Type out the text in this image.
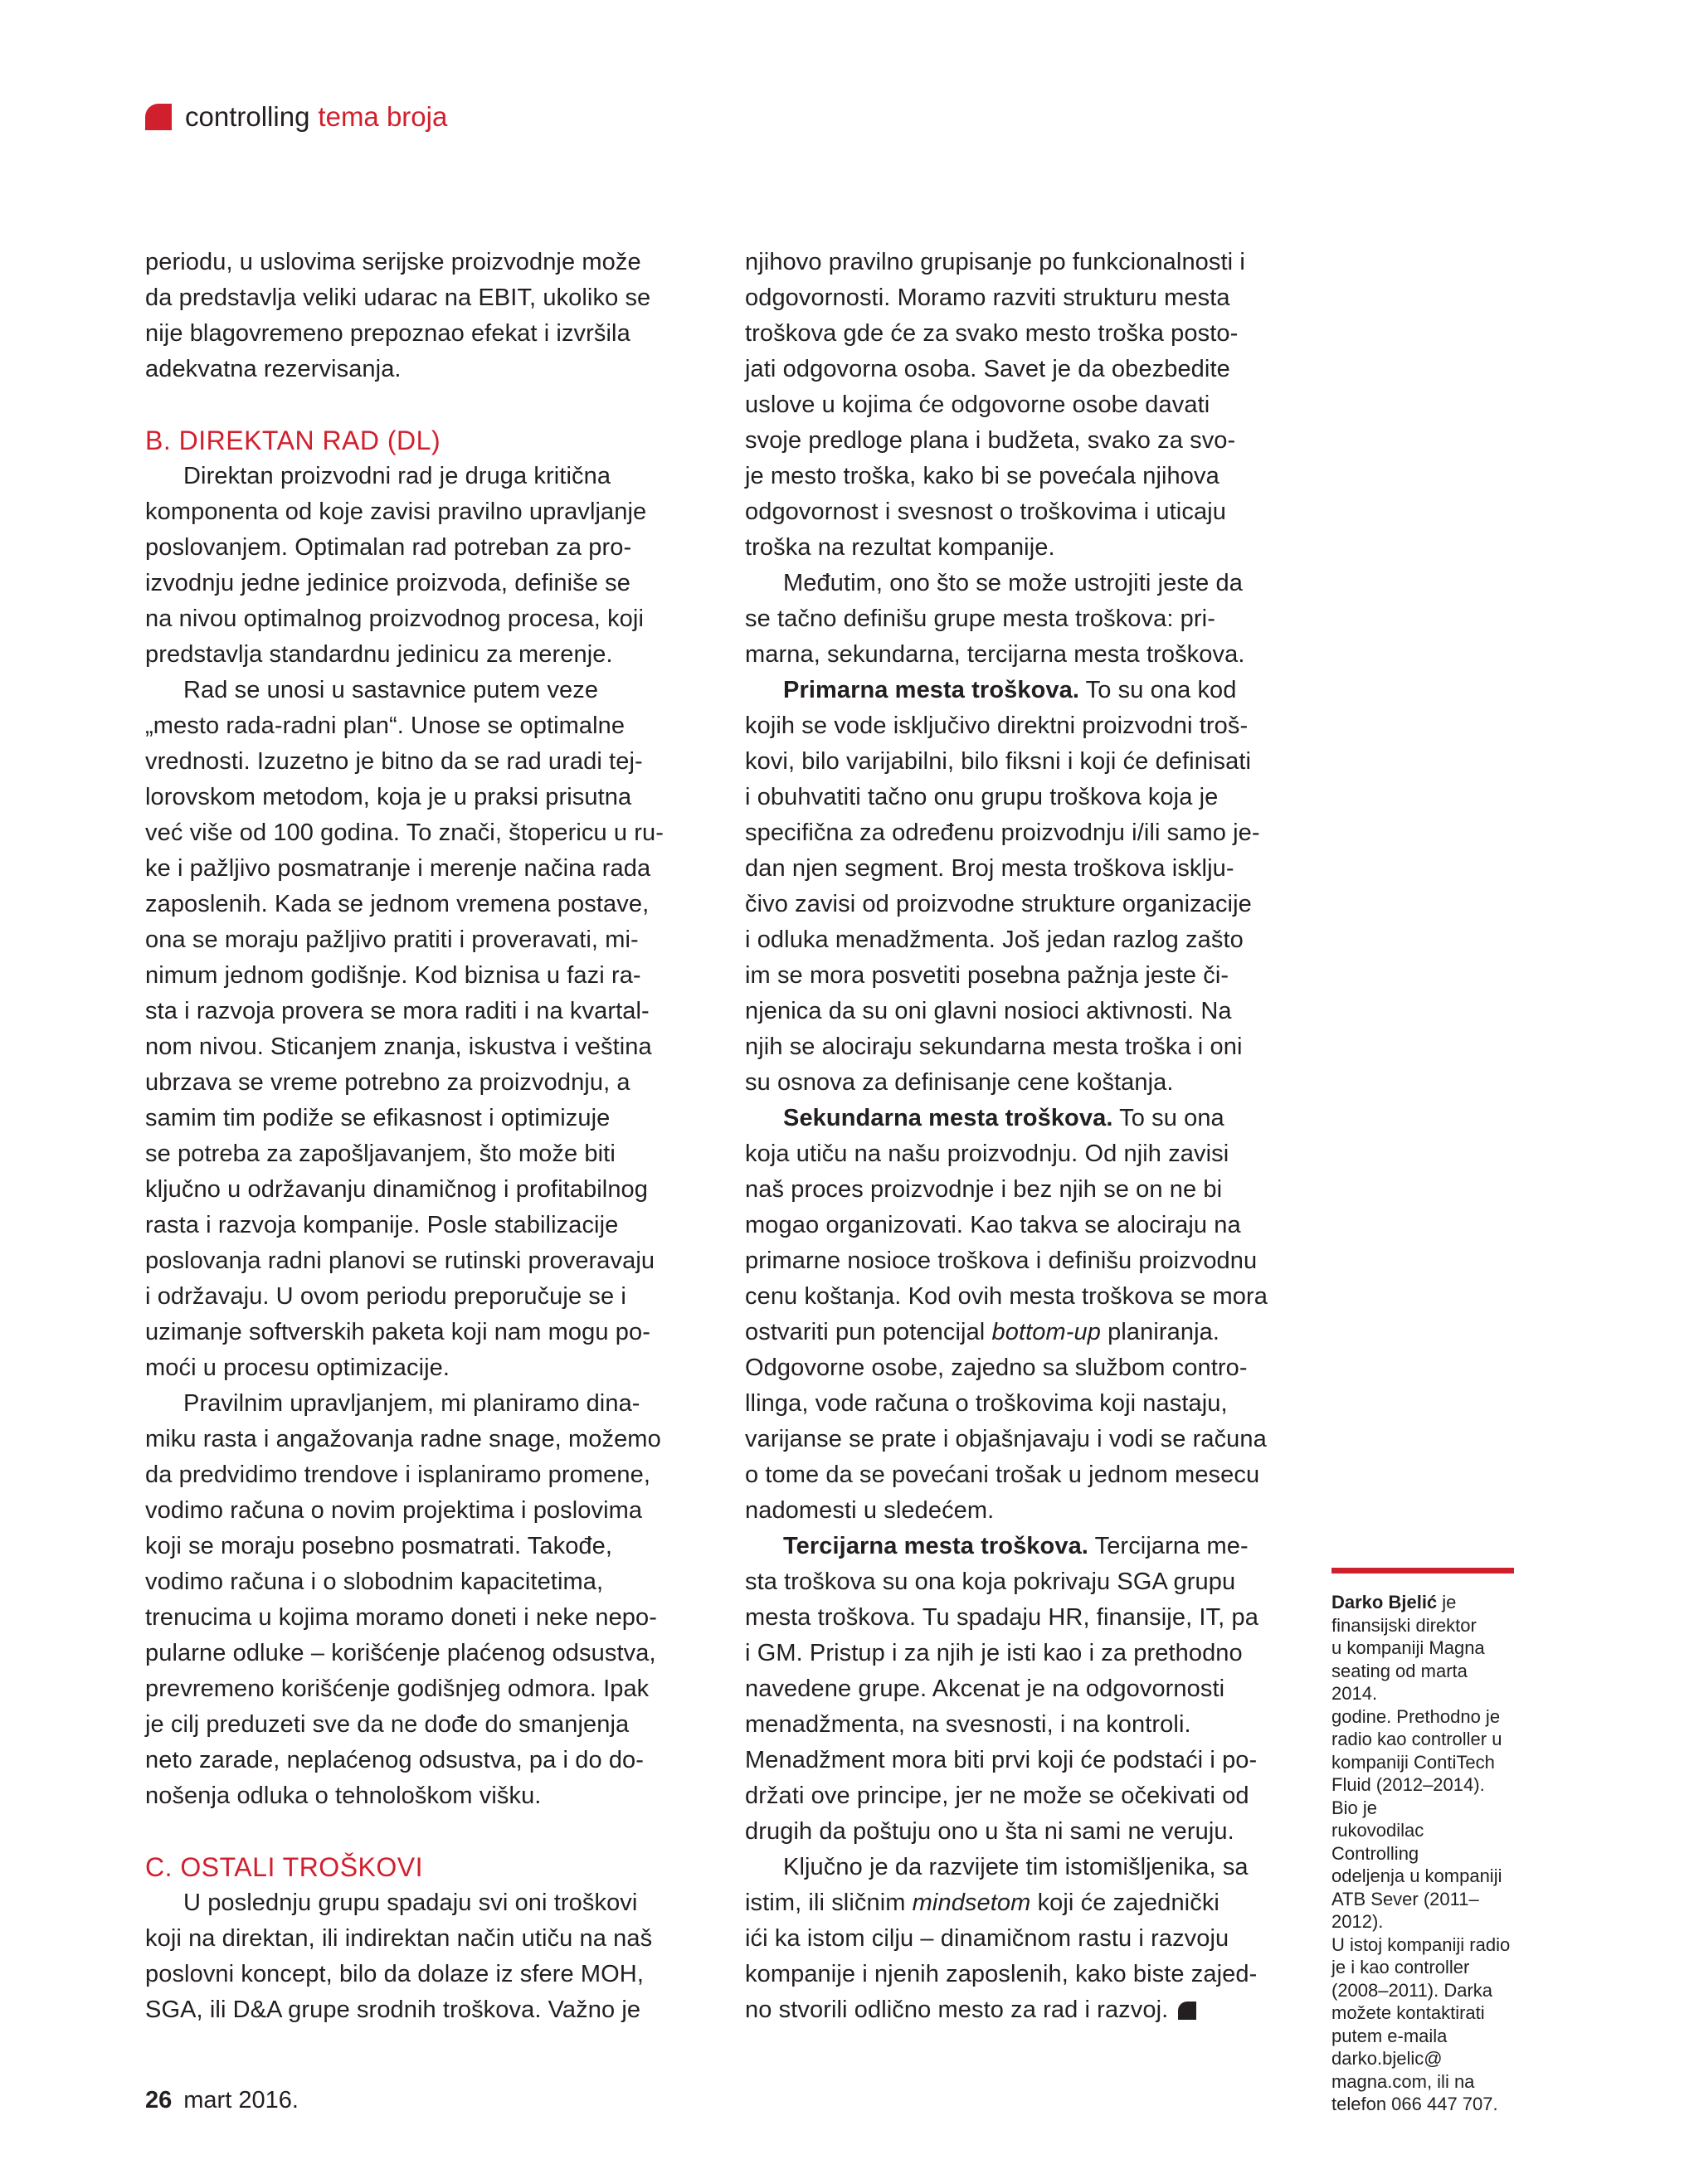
controlling tema broja

periodu, u uslovima serijske proizvodnje može
da predstavlja veliki udarac na EBIT, ukoliko se
nije blagovremeno prepoznao efekat i izvršila
adekvatna rezervisanja.

B. DIREKTAN RAD (DL)

Direktan proizvodni rad je druga kritična
komponenta od koje zavisi pravilno upravljanje
poslovanjem. Optimalan rad potreban za pro-
izvodnju jedne jedinice proizvoda, definiše se
na nivou optimalnog proizvodnog procesa, koji
predstavlja standardnu jedinicu za merenje.

Rad se unosi u sastavnice putem veze
„mesto rada-radni plan“. Unose se optimalne
vrednosti. Izuzetno je bitno da se rad uradi tej-
lorovskom metodom, koja je u praksi prisutna
već više od 100 godina. To znači, štopericu u ru-
ke i pažljivo posmatranje i merenje načina rada
zaposlenih. Kada se jednom vremena postave,
ona se moraju pažljivo pratiti i proveravati, mi-
nimum jednom godišnje. Kod biznisa u fazi ra-
sta i razvoja provera se mora raditi i na kvartal-
nom nivou. Sticanjem znanja, iskustva i veština
ubrzava se vreme potrebno za proizvodnju, a
samim tim podiže se efikasnost i optimizuje
se potreba za zapošljavanjem, što može biti
ključno u održavanju dinamičnog i profitabilnog
rasta i razvoja kompanije. Posle stabilizacije
poslovanja radni planovi se rutinski proveravaju
i održavaju. U ovom periodu preporučuje se i
uzimanje softverskih paketa koji nam mogu po-
moći u procesu optimizacije.

Pravilnim upravljanjem, mi planiramo dina-
miku rasta i angažovanja radne snage, možemo
da predvidimo trendove i isplaniramo promene,
vodimo računa o novim projektima i poslovima
koji se moraju posebno posmatrati. Takođe,
vodimo računa i o slobodnim kapacitetima,
trenucima u kojima moramo doneti i neke nepo-
pularne odluke – korišćenje plaćenog odsustva,
prevremeno korišćenje godišnjeg odmora. Ipak
je cilj preduzeti sve da ne dođe do smanjenja
neto zarade, neplaćenog odsustva, pa i do do-
nošenja odluka o tehnološkom višku.

C. OSTALI TROŠKOVI

U poslednju grupu spadaju svi oni troškovi
koji na direktan, ili indirektan način utiču na naš
poslovni koncept, bilo da dolaze iz sfere MOH,
SGA, ili D&A grupe srodnih troškova. Važno je

njihovo pravilno grupisanje po funkcionalnosti i
odgovornosti. Moramo razviti strukturu mesta
troškova gde će za svako mesto troška posto-
jati odgovorna osoba. Savet je da obezbedite
uslove u kojima će odgovorne osobe davati
svoje predloge plana i budžeta, svako za svo-
je mesto troška, kako bi se povećala njihova
odgovornost i svesnost o troškovima i uticaju
troška na rezultat kompanije.

Međutim, ono što se može ustrojiti jeste da
se tačno definišu grupe mesta troškova: pri-
marna, sekundarna, tercijarna mesta troškova.

Primarna mesta troškova. To su ona kod
kojih se vode isključivo direktni proizvodni troš-
kovi, bilo varijabilni, bilo fiksni i koji će definisati
i obuhvatiti tačno onu grupu troškova koja je
specifična za određenu proizvodnju i/ili samo je-
dan njen segment. Broj mesta troškova isklju-
čivo zavisi od proizvodne strukture organizacije
i odluka menadžmenta. Još jedan razlog zašto
im se mora posvetiti posebna pažnja jeste či-
njenica da su oni glavni nosioci aktivnosti. Na
njih se alociraju sekundarna mesta troška i oni
su osnova za definisanje cene koštanja.

Sekundarna mesta troškova. To su ona
koja utiču na našu proizvodnju. Od njih zavisi
naš proces proizvodnje i bez njih se on ne bi
mogao organizovati. Kao takva se alociraju na
primarne nosioce troškova i definišu proizvodnu
cenu koštanja. Kod ovih mesta troškova se mora
ostvariti pun potencijal bottom-up planiranja.
Odgovorne osobe, zajedno sa službom contro-
llinga, vode računa o troškovima koji nastaju,
varijanse se prate i objašnjavaju i vodi se računa
o tome da se povećani trošak u jednom mesecu
nadomesti u sledećem.

Tercijarna mesta troškova. Tercijarna me-
sta troškova su ona koja pokrivaju SGA grupu
mesta troškova. Tu spadaju HR, finansije, IT, pa
i GM. Pristup i za njih je isti kao i za prethodno
navedene grupe. Akcenat je na odgovornosti
menadžmenta, na svesnosti, i na kontroli.
Menadžment mora biti prvi koji će podstaći i po-
držati ove principe, jer ne može se očekivati od
drugih da poštuju ono u šta ni sami ne veruju.

Ključno je da razvijete tim istomišljenika, sa
istim, ili sličnim mindsetom koji će zajednički
ići ka istom cilju – dinamičnom rastu i razvoju
kompanije i njenih zaposlenih, kako biste zajed-
no stvorili odlično mesto za rad i razvoj.

Darko Bjelić je
finansijski direktor
u kompaniji Magna
seating od marta 2014.
godine. Prethodno je
radio kao controller u
kompaniji ContiTech
Fluid (2012–2014). Bio je
rukovodilac Controlling
odeljenja u kompaniji
ATB Sever (2011–2012).
U istoj kompaniji radio
je i kao controller
(2008–2011). Darka
možete kontaktirati
putem e-maila
darko.bjelic@
magna.com, ili na
telefon 066 447 707.
26 mart 2016.
